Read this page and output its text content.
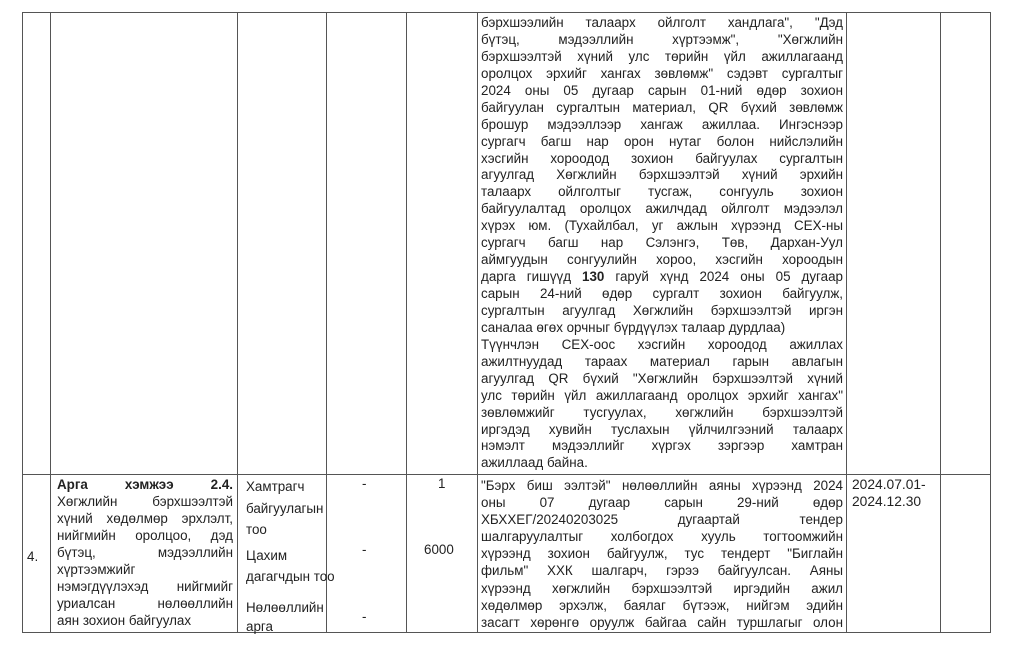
бэрхшээлийн талаарх ойлголт хандлага", "Дэд
бүтэц, мэдээллийн хүртээмж", "Хөгжлийн
бэрхшээлтэй хүний улс төрийн үйл ажиллагаанд
оролцох эрхийг хангах зөвлөмж" сэдэвт сургалтыг
2024 оны 05 дугаар сарын 01-ний өдөр зохион
байгуулан сургалтын материал, QR бүхий зөвлөмж
брошур мэдээллээр хангаж ажиллаа. Ингэснээр
сургагч багш нар орон нутаг болон нийслэлийн
хэсгийн хороодод зохион байгуулах сургалтын
агуулгад Хөгжлийн бэрхшээлтэй хүний эрхийн
талаарх ойлголтыг тусгаж, сонгууль зохион
байгуулалтад оролцох ажилчдад ойлголт мэдээлэл
хүрэх юм. (Тухайлбал, уг ажлын хүрээнд СЕХ-ны
сургагч багш нар Сэлэнгэ, Төв, Дархан-Уул
аймгуудын сонгуулийн хороо, хэсгийн хороодын
дарга гишүүд 130 гаруй хүнд 2024 оны 05 дугаар
сарын 24-ний өдөр сургалт зохион байгуулж,
сургалтын агуулгад Хөгжлийн бэрхшээлтэй иргэн
саналаа өгөх орчныг бүрдүүлэх талаар дурдлаа)
Түүнчлэн СЕХ-оос хэсгийн хороодод ажиллах
ажилтнуудад тараах материал гарын авлагын
агуулгад QR бүхий "Хөгжлийн бэрхшээлтэй хүний
улс төрийн үйл ажиллагаанд оролцох эрхийг хангах"
зөвлөмжийг тусгуулах, хөгжлийн бэрхшээлтэй
иргэдэд хувийн туслахын үйлчилгээний талаарх
нэмэлт мэдээллийг хүргэх зэргээр хамтран
ажиллаад байна.
4.
Арга хэмжээ 2.4.
Хөгжлийн бэрхшээлтэй
хүний хөдөлмөр эрхлэлт,
нийгмийн оролцоо, дэд
бүтэц, мэдээллийн
хүртээмжийг
нэмэгдүүлэхэд нийгмийг
уриалсан нөлөөллийн
аян зохион байгуулах
Хамтрагч
байгуулагын
тоо
Цахим
дагагчдын тоо
Нөлөөллийн
арга
-
-
-
1
6000
"Бэрх биш ээлтэй" нөлөөллийн аяны хүрээнд 2024
оны 07 дугаар сарын 29-ний өдөр
ХБХХЕГ/20240203025 дугаартай тендер
шалгаруулалтыг холбогдох хууль тогтоомжийн
хүрээнд зохион байгуулж, тус тендерт "Биглайн
фильм" ХХК шалгарч, гэрээ байгуулсан. Аяны
хүрээнд хөгжлийн бэрхшээлтэй иргэдийн ажил
хөдөлмөр эрхэлж, баялаг бүтээж, нийгэм эдийн
засагт хөрөнгө оруулж байгаа сайн туршлагыг олон
2024.07.01-
2024.12.30
